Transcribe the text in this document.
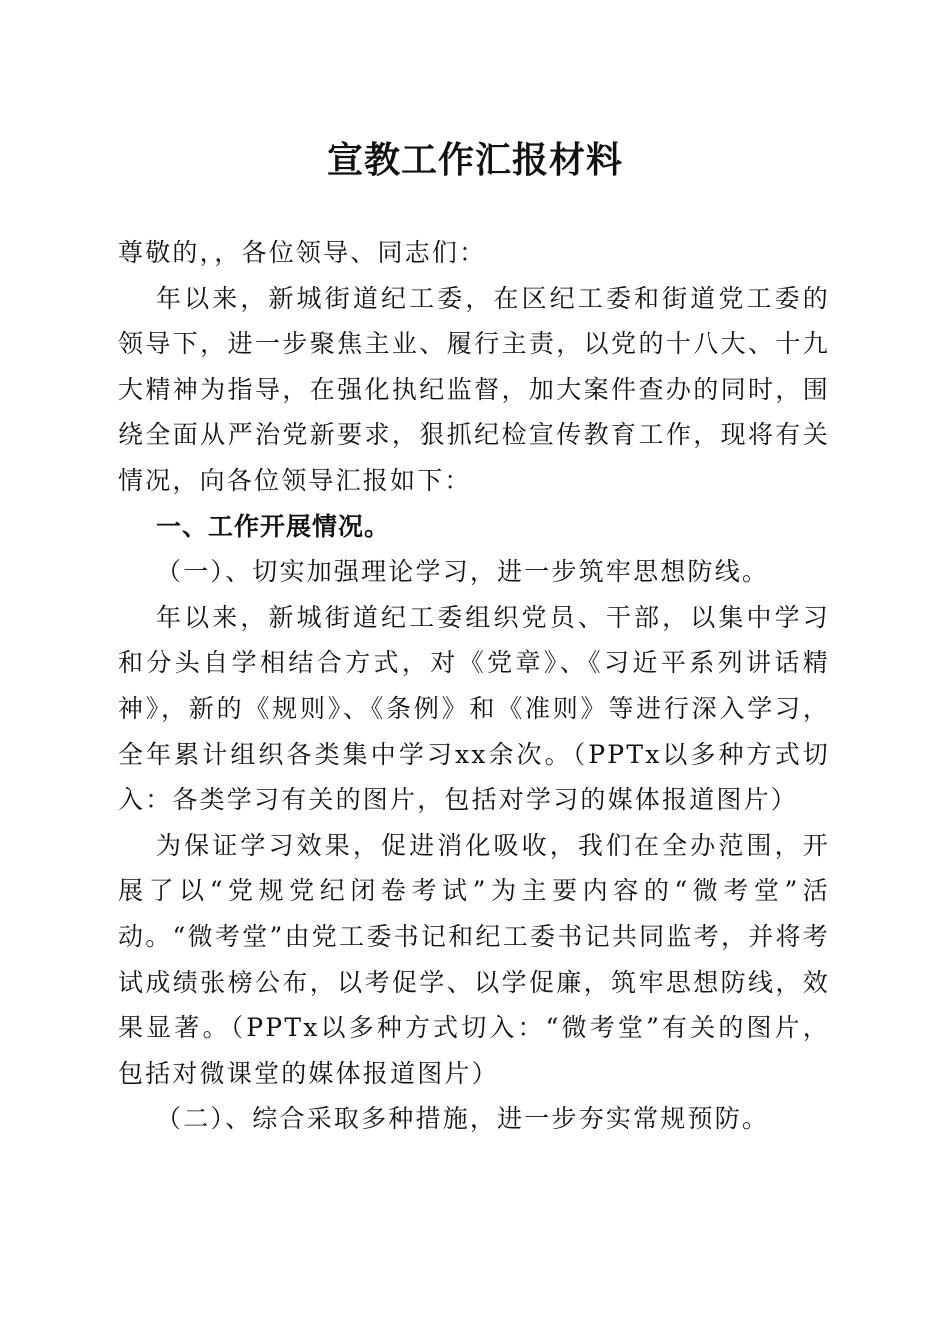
宣教工作汇报材料

尊敬的，，各位领导、同志们：

年以来，新城街道纪工委，在区纪工委和街道党工委的领导下，进一步聚焦主业、履行主责，以党的十八大、十九大精神为指导，在强化执纪监督，加大案件查办的同时，围绕全面从严治党新要求，狠抓纪检宣传教育工作，现将有关情况，向各位领导汇报如下：

一、工作开展情况。

（一）、切实加强理论学习，进一步筑牢思想防线。

年以来，新城街道纪工委组织党员、干部，以集中学习和分头自学相结合方式，对《党章》、《习近平系列讲话精神》，新的《规则》、《条例》和《准则》等进行深入学习，全年累计组织各类集中学习xx余次。（PPTx以多种方式切入：各类学习有关的图片，包括对学习的媒体报道图片）

为保证学习效果，促进消化吸收，我们在全办范围，开展了以“党规党纪闭卷考试”为主要内容的“微考堂”活动。“微考堂”由党工委书记和纪工委书记共同监考，并将考试成绩张榜公布，以考促学、以学促廉，筑牢思想防线，效果显著。（PPTx以多种方式切入：“微考堂”有关的图片，包括对微课堂的媒体报道图片）

（二）、综合采取多种措施，进一步夯实常规预防。
